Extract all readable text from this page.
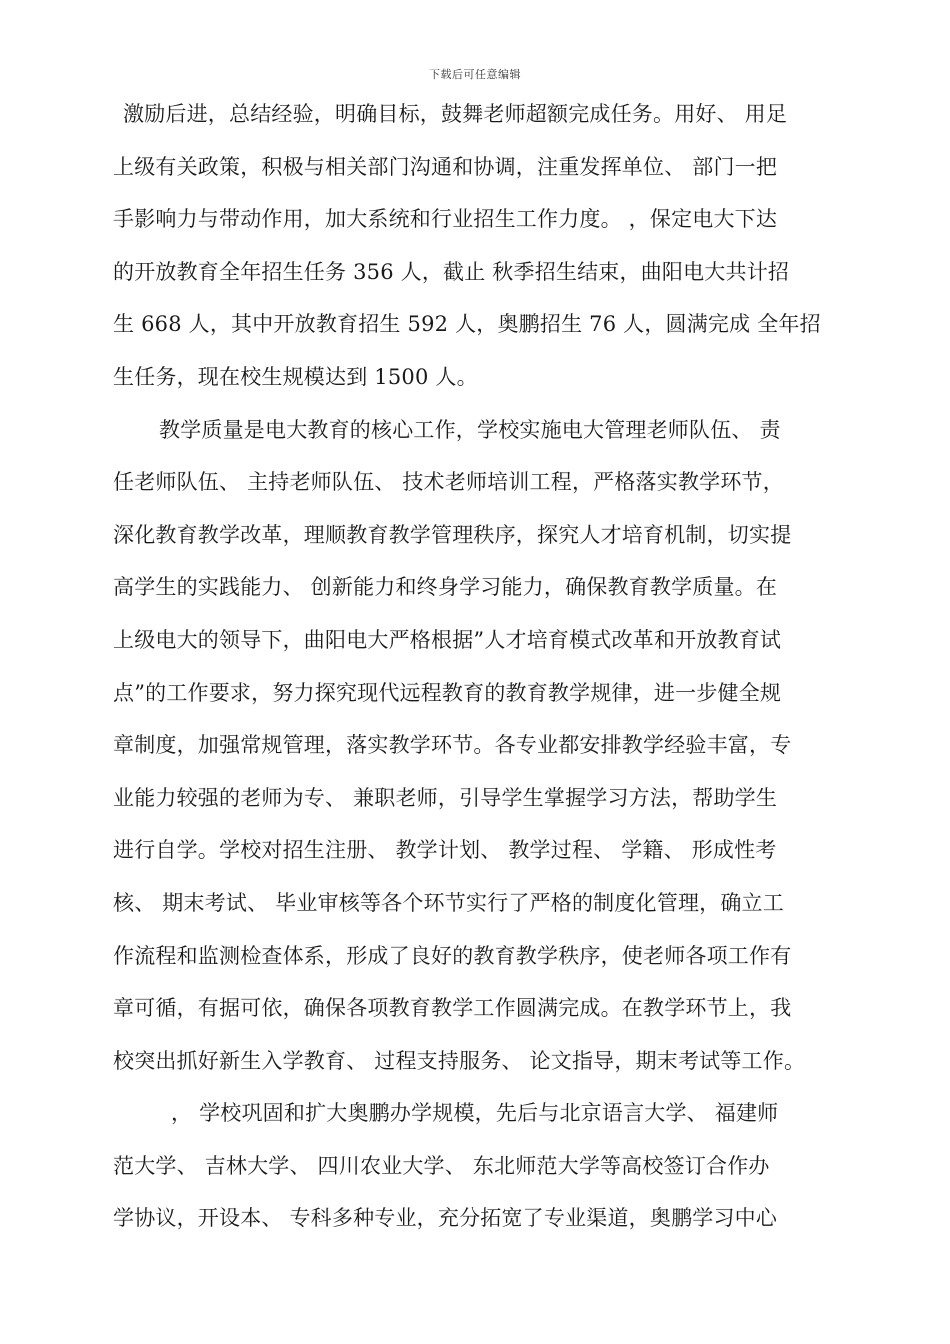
下载后可任意编辑
激励后进，总结经验，明确目标，鼓舞老师超额完成任务。用好、 用足
上级有关政策，积极与相关部门沟通和协调，注重发挥单位、 部门一把
手影响力与带动作用，加大系统和行业招生工作力度。 ，保定电大下达
的开放教育全年招生任务 356 人，截止 秋季招生结束，曲阳电大共计招
生 668 人，其中开放教育招生 592 人，奥鹏招生 76 人，圆满完成 全年招
生任务，现在校生规模达到 1500 人。
教学质量是电大教育的核心工作，学校实施电大管理老师队伍、 责
任老师队伍、 主持老师队伍、 技术老师培训工程，严格落实教学环节，
深化教育教学改革，理顺教育教学管理秩序，探究人才培育机制，切实提
高学生的实践能力、 创新能力和终身学习能力，确保教育教学质量。在
上级电大的领导下，曲阳电大严格根据”人才培育模式改革和开放教育试
点”的工作要求，努力探究现代远程教育的教育教学规律，进一步健全规
章制度，加强常规管理，落实教学环节。各专业都安排教学经验丰富，专
业能力较强的老师为专、 兼职老师，引导学生掌握学习方法，帮助学生
进行自学。学校对招生注册、 教学计划、 教学过程、 学籍、 形成性考
核、 期末考试、 毕业审核等各个环节实行了严格的制度化管理，确立工
作流程和监测检查体系，形成了良好的教育教学秩序，使老师各项工作有
章可循，有据可依，确保各项教育教学工作圆满完成。在教学环节上，我
校突出抓好新生入学教育、 过程支持服务、 论文指导，期末考试等工作。
， 学校巩固和扩大奥鹏办学规模，先后与北京语言大学、 福建师
范大学、 吉林大学、 四川农业大学、 东北师范大学等高校签订合作办
学协议，开设本、 专科多种专业，充分拓宽了专业渠道，奥鹏学习中心
